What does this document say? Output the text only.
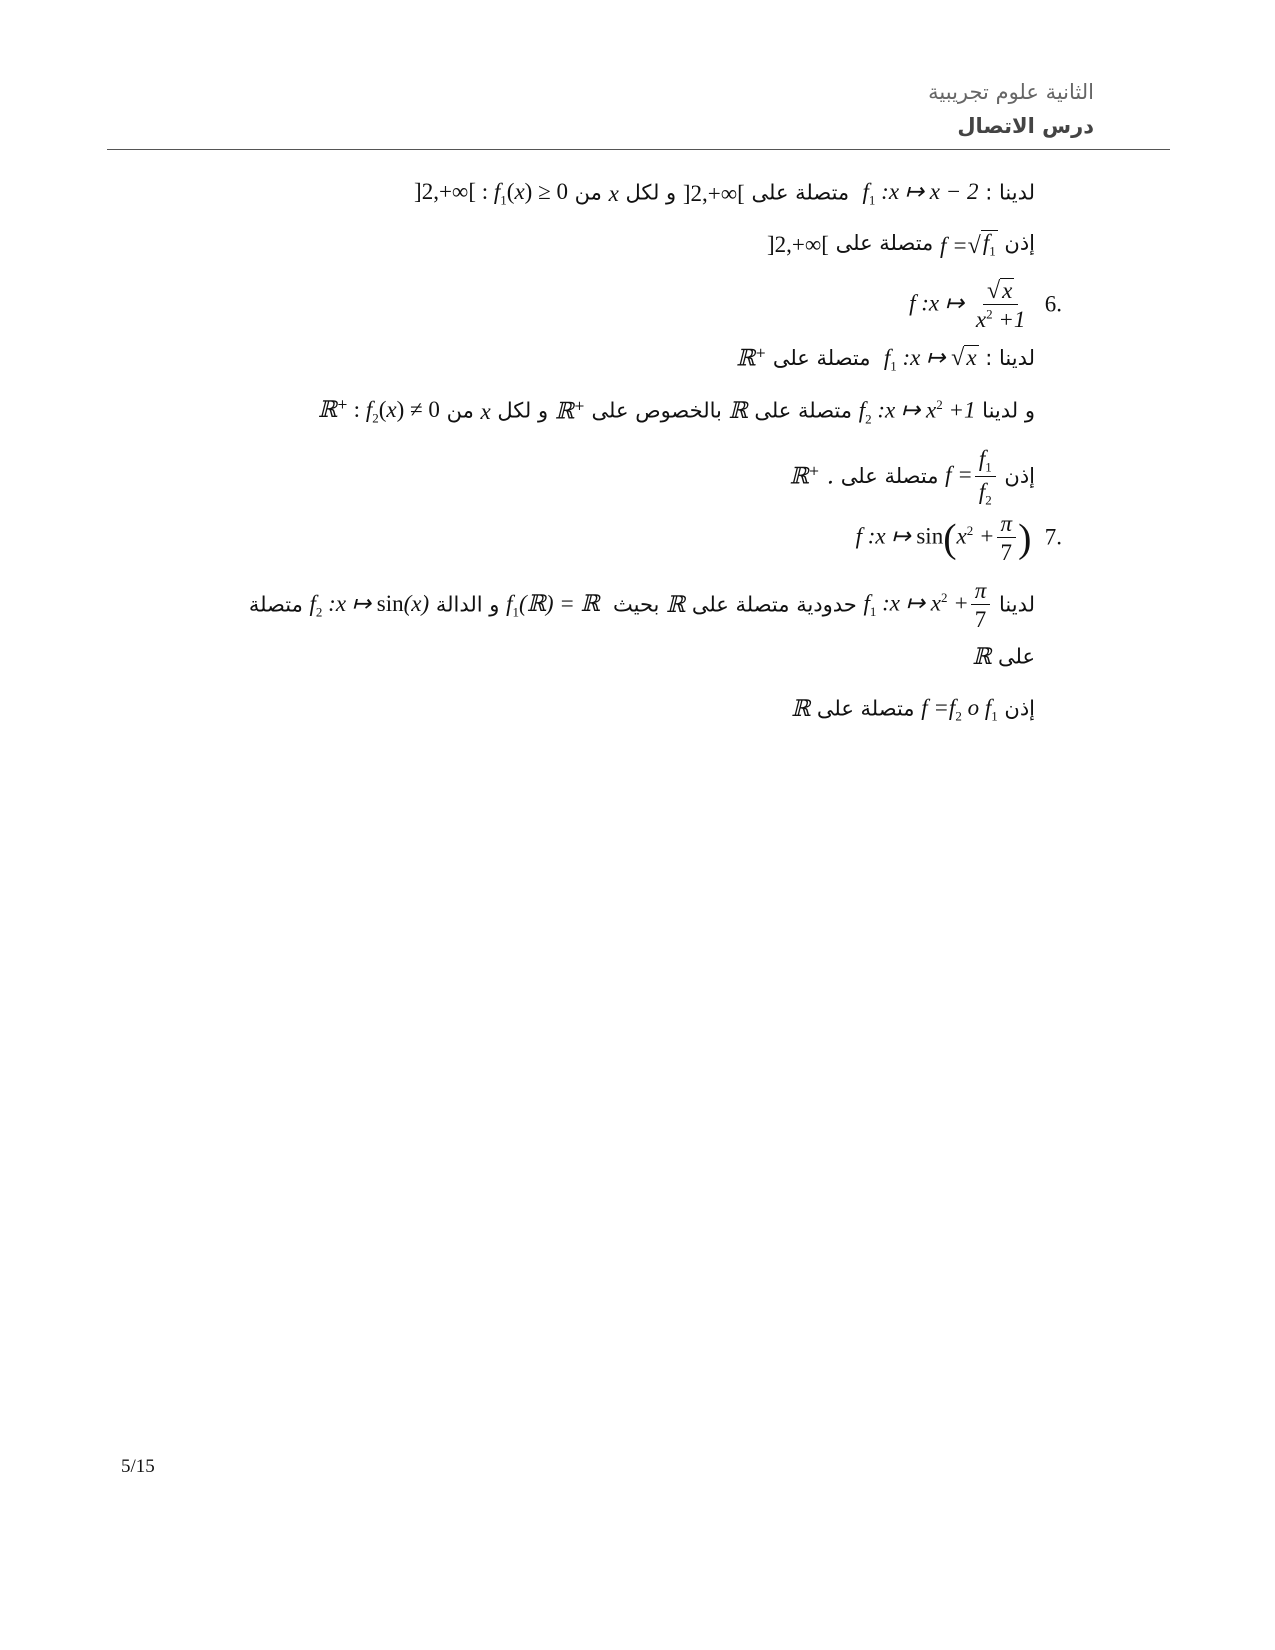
الثانية علوم تجريبية
درس الاتصال
لدينا : $f_1$ :x ↦ x − 2  متصلة على ]2,+∞[ و لكل x من ]2,+∞[ : $f_1(x) \ge 0$
إذن f = √ $f_1$
متصلة على ]2,+∞[
.6  f :x ↦ $\frac{√ x}{x^2 +1}$
لدينا : $f_1$ :x ↦ √ x
متصلة على ℝ+
و لدينا $f_2$ :x ↦ $x^2 +1$ متصلة على ℝ بالخصوص على ℝ+ و لكل x من ℝ+ : $f_2(x) \ne 0$
إذن $f = \frac{f_1}{f_2}$
متصلة على ℝ+ .
.7  f :x ↦ $\sin(x^2 + \frac{\pi}{7}$ )
لدينا $f_1$ :x ↦ $x^2 + \frac{\pi}{7}$
حدودية متصلة على ℝ بحيث  $f_1(ℝ)$ = ℝ و الدالة $f_2$ :x ↦ sin(x) متصلة
على ℝ
إذن $f =f_2$ o $f_1$ متصلة على ℝ
5/15
